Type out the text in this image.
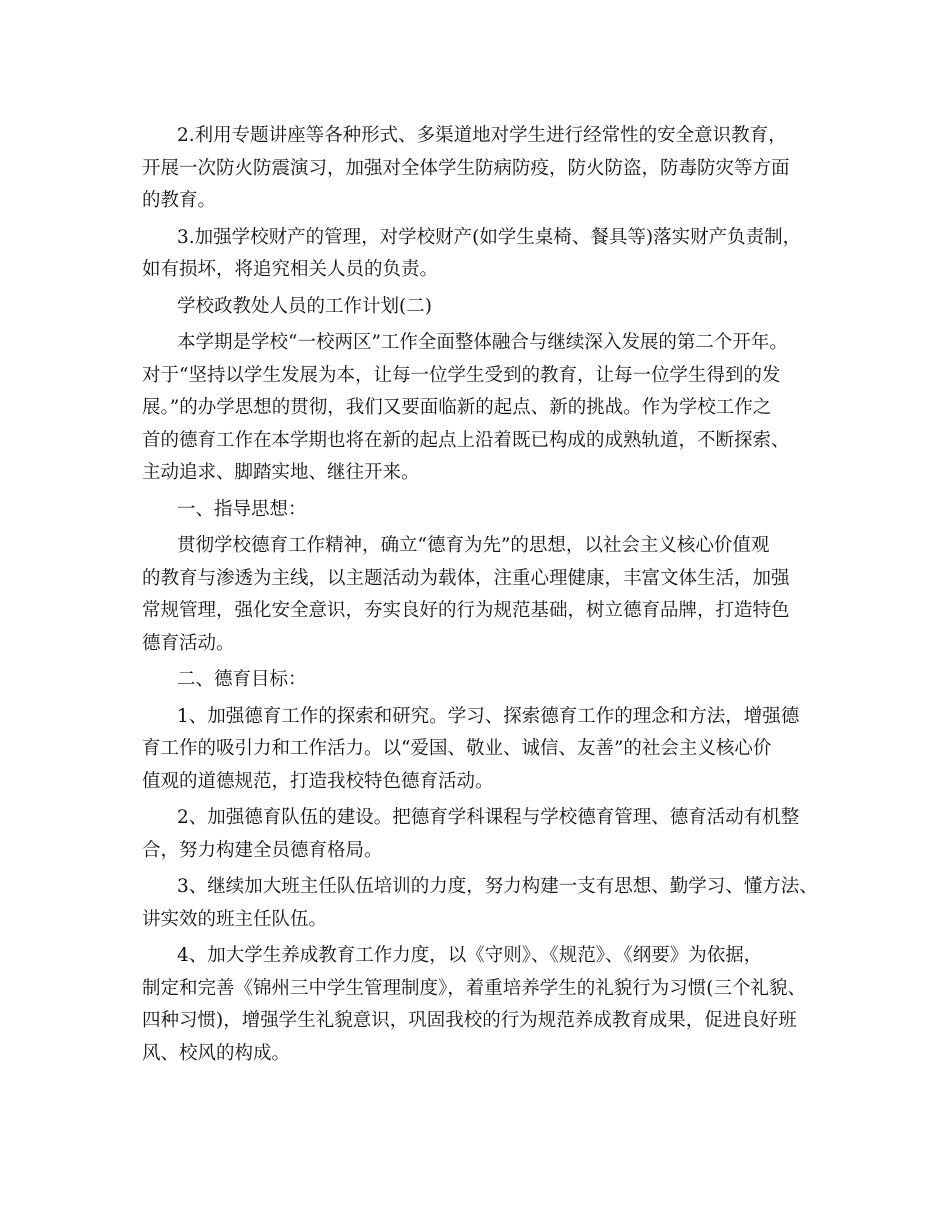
2.利用专题讲座等各种形式、多渠道地对学生进行经常性的安全意识教育，
开展一次防火防震演习，加强对全体学生防病防疫，防火防盗，防毒防灾等方面
的教育。
3.加强学校财产的管理，对学校财产(如学生桌椅、餐具等)落实财产负责制，
如有损坏，将追究相关人员的负责。
学校政教处人员的工作计划(二)
本学期是学校“一校两区”工作全面整体融合与继续深入发展的第二个开年。
对于“坚持以学生发展为本，让每一位学生受到的教育，让每一位学生得到的发
展。”的办学思想的贯彻，我们又要面临新的起点、新的挑战。作为学校工作之
首的德育工作在本学期也将在新的起点上沿着既已构成的成熟轨道，不断探索、
主动追求、脚踏实地、继往开来。
一、指导思想：
贯彻学校德育工作精神，确立“德育为先”的思想，以社会主义核心价值观
的教育与渗透为主线，以主题活动为载体，注重心理健康，丰富文体生活，加强
常规管理，强化安全意识，夯实良好的行为规范基础，树立德育品牌，打造特色
德育活动。
二、德育目标：
1、加强德育工作的探索和研究。学习、探索德育工作的理念和方法，增强德
育工作的吸引力和工作活力。以“爱国、敬业、诚信、友善”的社会主义核心价
值观的道德规范，打造我校特色德育活动。
2、加强德育队伍的建设。把德育学科课程与学校德育管理、德育活动有机整
合，努力构建全员德育格局。
3、继续加大班主任队伍培训的力度，努力构建一支有思想、勤学习、懂方法、
讲实效的班主任队伍。
4、加大学生养成教育工作力度，以《守则》、《规范》、《纲要》为依据，
制定和完善《锦州三中学生管理制度》，着重培养学生的礼貌行为习惯(三个礼貌、
四种习惯)，增强学生礼貌意识，巩固我校的行为规范养成教育成果，促进良好班
风、校风的构成。
